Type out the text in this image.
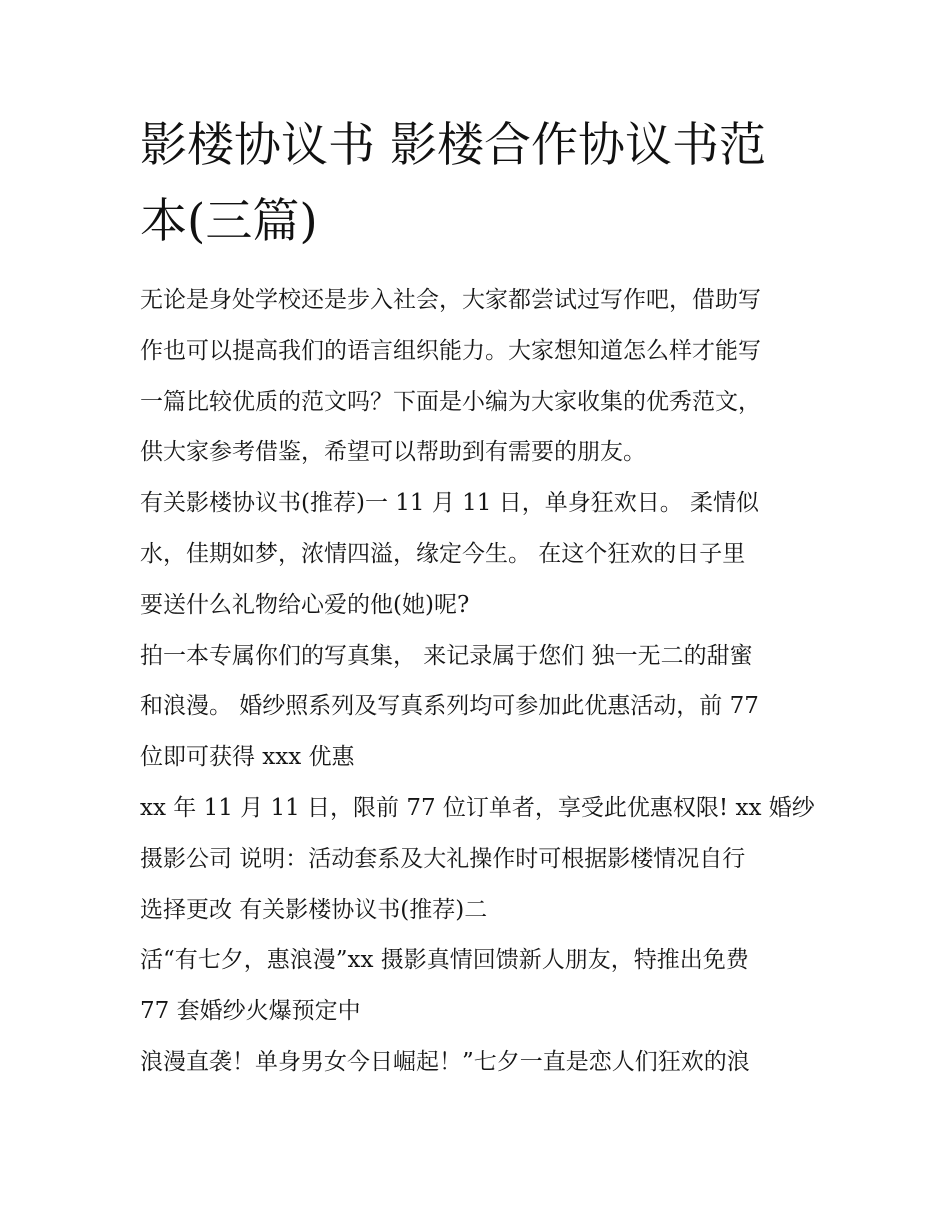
影楼协议书 影楼合作协议书范
本(三篇)

无论是身处学校还是步入社会，大家都尝试过写作吧，借助写
作也可以提高我们的语言组织能力。大家想知道怎么样才能写
一篇比较优质的范文吗？下面是小编为大家收集的优秀范文，
供大家参考借鉴，希望可以帮助到有需要的朋友。

有关影楼协议书(推荐)一 11 月 11 日，单身狂欢日。 柔情似
水，佳期如梦，浓情四溢，缘定今生。 在这个狂欢的日子里
要送什么礼物给心爱的他(她)呢?

拍一本专属你们的写真集， 来记录属于您们 独一无二的甜蜜
和浪漫。 婚纱照系列及写真系列均可参加此优惠活动，前 77
位即可获得 xxx 优惠

xx 年 11 月 11 日，限前 77 位订单者，享受此优惠权限! xx 婚纱
摄影公司 说明：活动套系及大礼操作时可根据影楼情况自行
选择更改 有关影楼协议书(推荐)二

活“有七夕，惠浪漫”xx 摄影真情回馈新人朋友，特推出免费
77 套婚纱火爆预定中

浪漫直袭！单身男女今日崛起！”七夕一直是恋人们狂欢的浪
